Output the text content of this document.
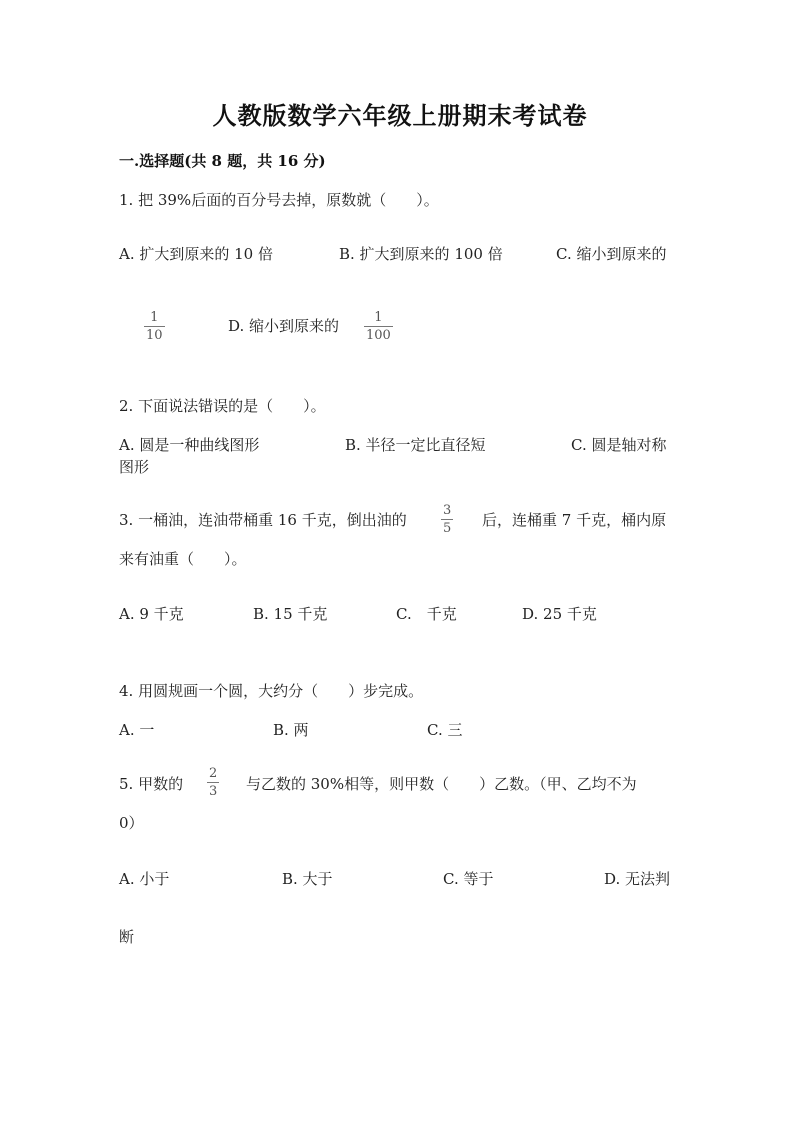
人教版数学六年级上册期末考试卷
一.选择题(共 8 题，共 16 分)
1. 把 39%后面的百分号去掉，原数就（　　）。
A. 扩大到原来的 10 倍	B. 扩大到原来的 100 倍	C. 缩小到原来的
1
10
D. 缩小到原来的	1
100
2. 下面说法错误的是（　　）。
A. 圆是一种曲线图形	B. 半径一定比直径短	C. 圆是轴对称
图形
3. 一桶油，连油带桶重 16 千克，倒出油的
3
5 后，连桶重 7 千克，桶内原
来有油重（　　）。
A. 9 千克	B. 15 千克	C.　千克	D. 25 千克
4. 用圆规画一个圆，大约分（　　）步完成。
A. 一	B. 两	C. 三
5. 甲数的
2
3 与乙数的 30%相等，则甲数（　　）乙数。（甲、乙均不为
0）
A. 小于	B. 大于	C. 等于	D. 无法判
断
